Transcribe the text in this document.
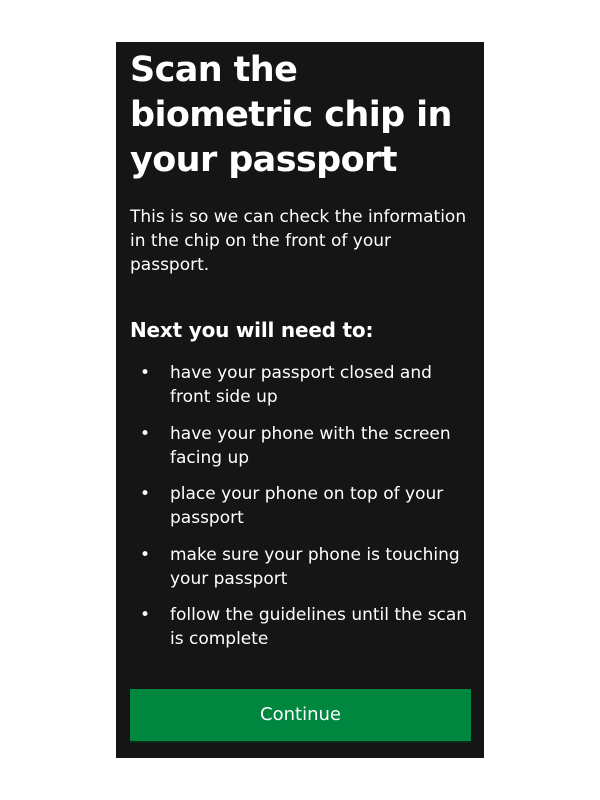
Scan the biometric chip in your passport

This is so we can check the information in the chip on the front of your passport.

Next you will need to:
• have your passport closed and front side up
• have your phone with the screen facing up
• place your phone on top of your passport
• make sure your phone is touching your passport
• follow the guidelines until the scan is complete
Continue
